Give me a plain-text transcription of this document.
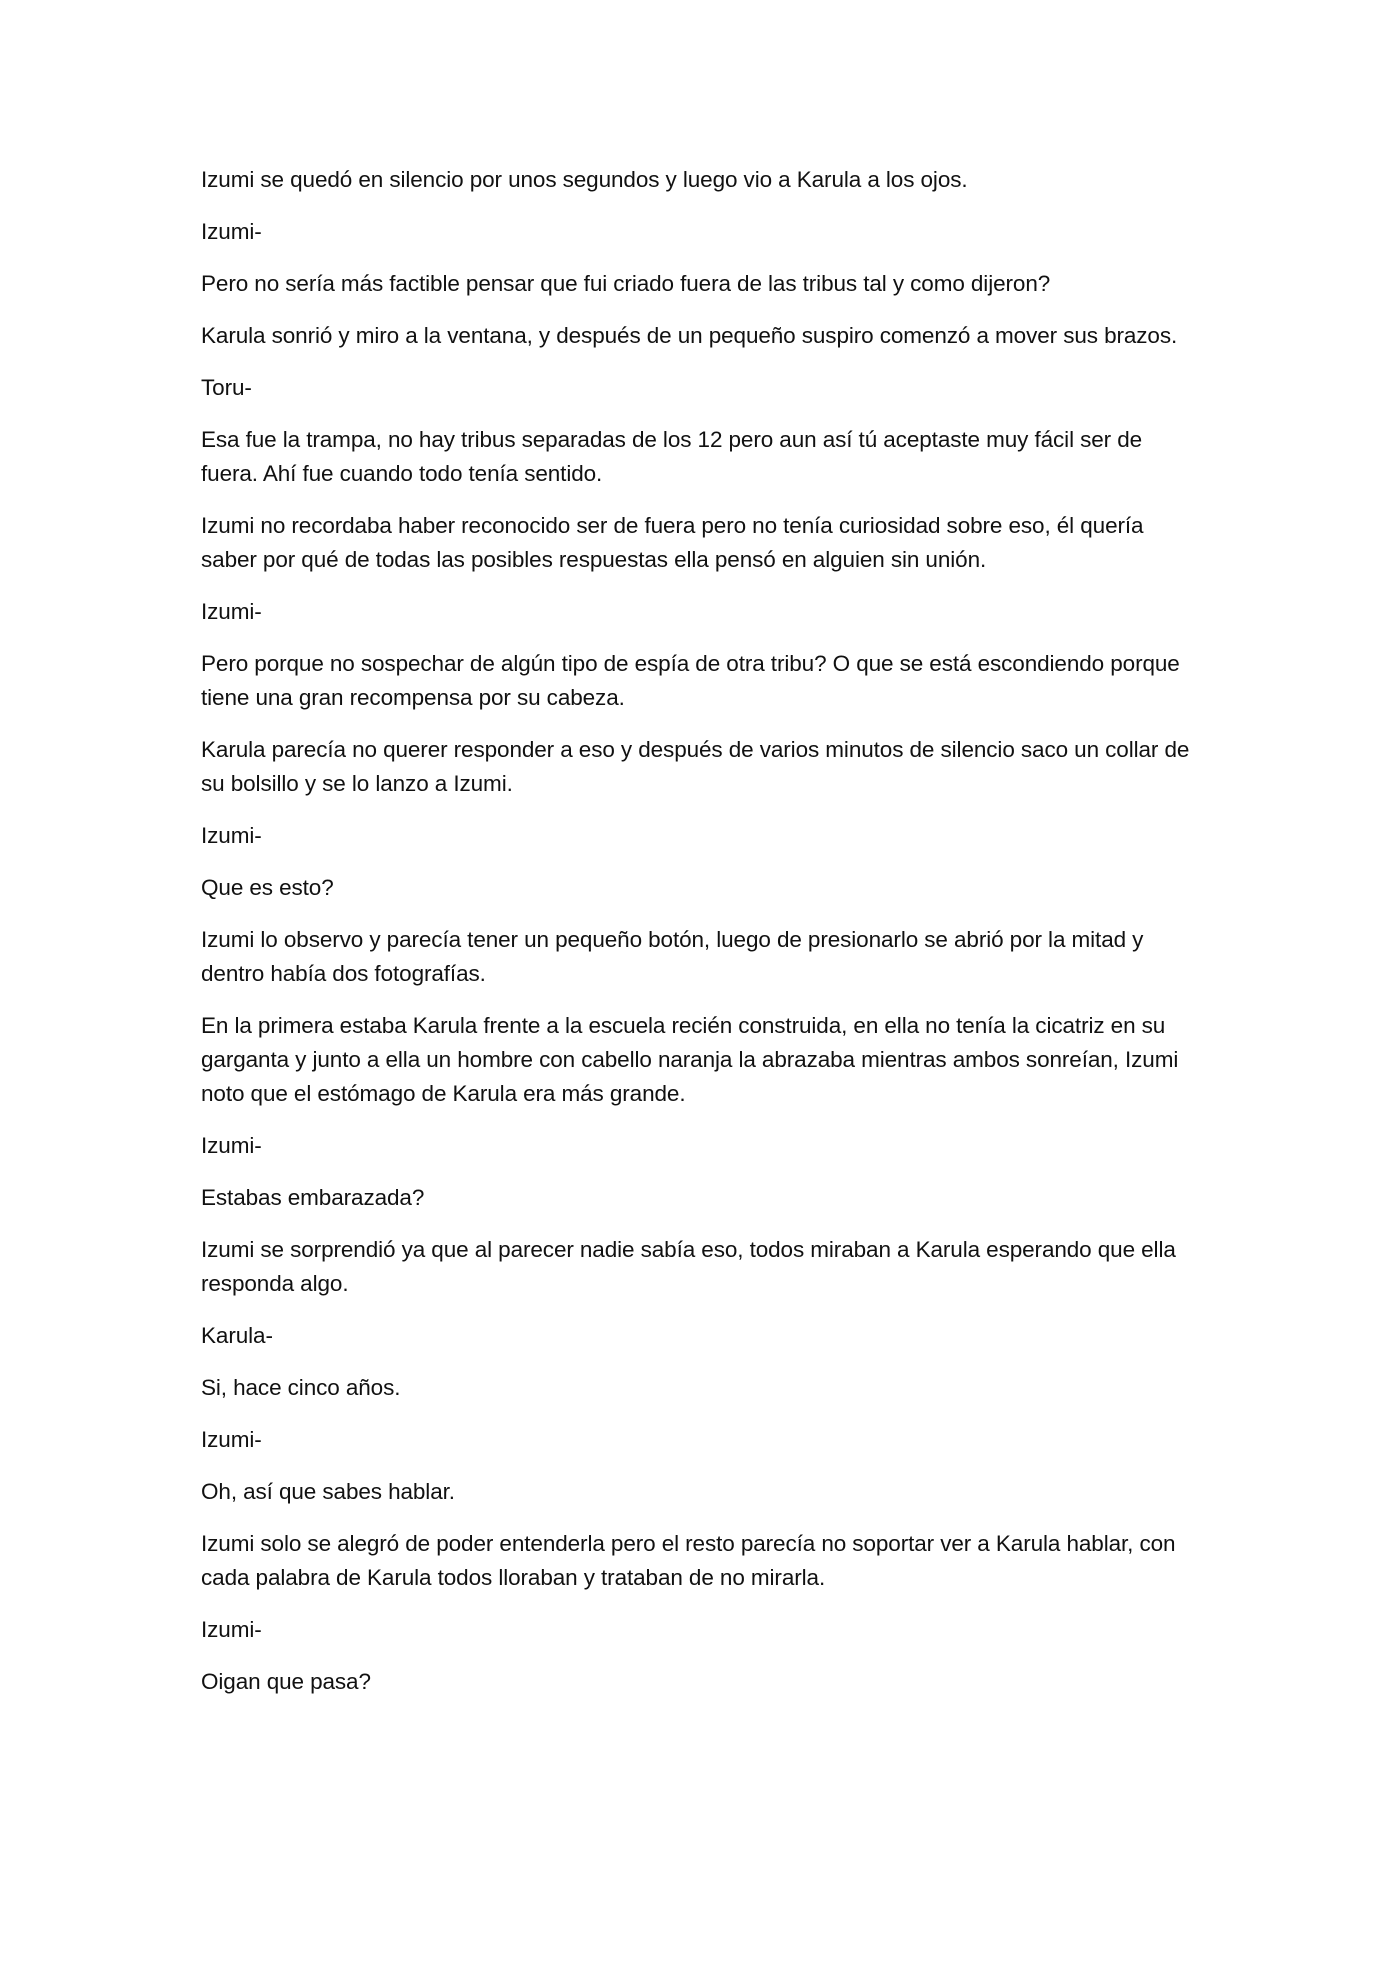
Izumi se quedó en silencio por unos segundos y luego vio a Karula a los ojos.

Izumi-

Pero no sería más factible pensar que fui criado fuera de las tribus tal y como dijeron?

Karula sonrió y miro a la ventana, y después de un pequeño suspiro comenzó a mover sus brazos.

Toru-

Esa fue la trampa, no hay tribus separadas de los 12 pero aun así tú aceptaste muy fácil ser de fuera. Ahí fue cuando todo tenía sentido.

Izumi no recordaba haber reconocido ser de fuera pero no tenía curiosidad sobre eso, él quería saber por qué de todas las posibles respuestas ella pensó en alguien sin unión.

Izumi-

Pero porque no sospechar de algún tipo de espía de otra tribu? O que se está escondiendo porque tiene una gran recompensa por su cabeza.

Karula parecía no querer responder a eso y después de varios minutos de silencio saco un collar de su bolsillo y se lo lanzo a Izumi.

Izumi-

Que es esto?

Izumi lo observo y parecía tener un pequeño botón, luego de presionarlo se abrió por la mitad y dentro había dos fotografías.

En la primera estaba Karula frente a la escuela recién construida, en ella no tenía la cicatriz en su garganta y junto a ella un hombre con cabello naranja la abrazaba mientras ambos sonreían, Izumi noto que el estómago de Karula era más grande.

Izumi-

Estabas embarazada?

Izumi se sorprendió ya que al parecer nadie sabía eso, todos miraban a Karula esperando que ella responda algo.

Karula-

Si, hace cinco años.

Izumi-

Oh, así que sabes hablar.

Izumi solo se alegró de poder entenderla pero el resto parecía no soportar ver a Karula hablar, con cada palabra de Karula todos lloraban y trataban de no mirarla.

Izumi-

Oigan que pasa?
